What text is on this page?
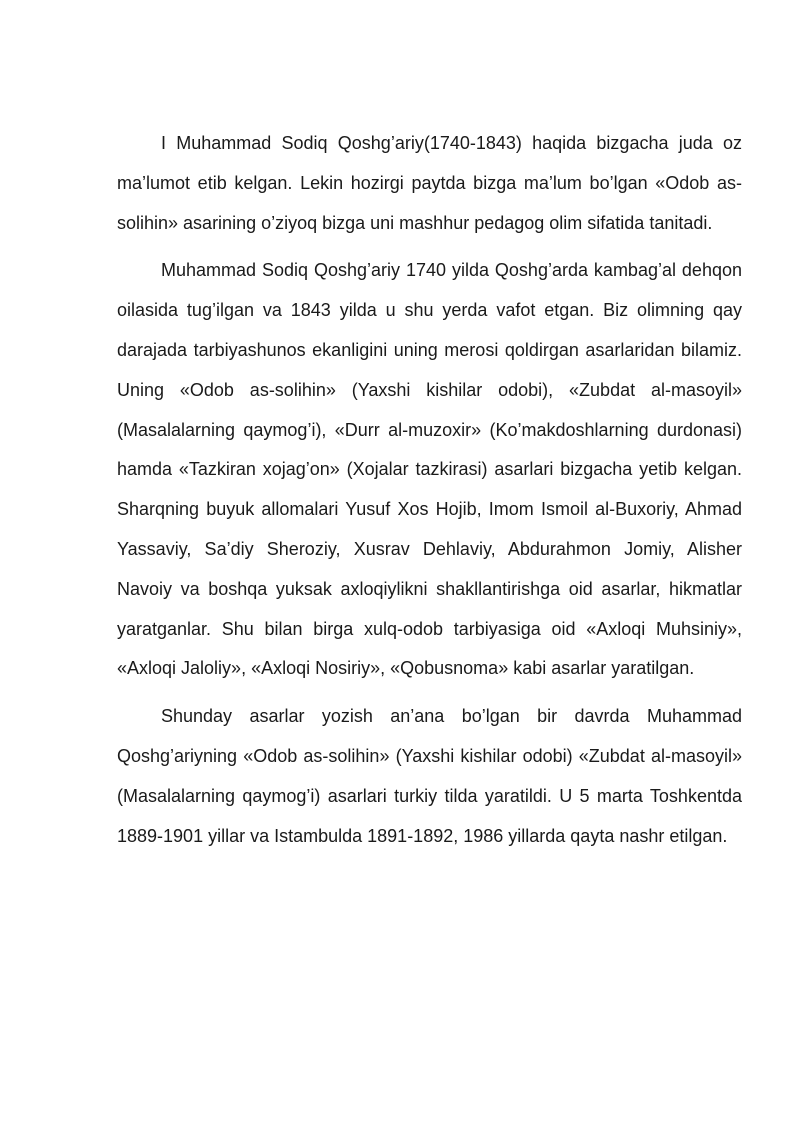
I Muhammad Sodiq Qoshg’ariy(1740-1843) haqida bizgacha juda oz ma’lumot etib kelgan. Lekin hozirgi paytda bizga ma’lum bo’lgan «Odob as-solihin» asarining o’ziyoq bizga uni mashhur pedagog olim sifatida tanitadi.

Muhammad Sodiq Qoshg’ariy 1740 yilda Qoshg’arda kambag’al dehqon oilasida tug’ilgan va 1843 yilda u shu yerda vafot etgan. Biz olimning qay darajada tarbiyashunos ekanligini uning merosi qoldirgan asarlaridan bilamiz. Uning «Odob as-solihin» (Yaxshi kishilar odobi), «Zubdat al-masoyil» (Masalalarning qaymog’i), «Durr al-muzoxir» (Ko’makdoshlarning durdonasi) hamda «Tazkiran xojag’on» (Xojalar tazkirasi) asarlari bizgacha yetib kelgan. Sharqning buyuk allomalari Yusuf Xos Hojib, Imom Ismoil al-Buxoriy, Ahmad Yassaviy, Sa’diy Sheroziy, Xusrav Dehlaviy, Abdurahmon Jomiy, Alisher Navoiy va boshqa yuksak axloqiylikni shakllantirishga oid asarlar, hikmatlar yaratganlar. Shu bilan birga xulq-odob tarbiyasiga oid «Axloqi Muhsiniy», «Axloqi Jaloliy», «Axloqi Nosiriy», «Qobusnoma» kabi asarlar yaratilgan.

Shunday asarlar yozish an’ana bo’lgan bir davrda Muhammad Qoshg’ariyning «Odob as-solihin» (Yaxshi kishilar odobi) «Zubdat al-masoyil» (Masalalarning qaymog’i) asarlari turkiy tilda yaratildi. U 5 marta Toshkentda 1889-1901 yillar va Istambulda 1891-1892, 1986 yillarda qayta nashr etilgan.
